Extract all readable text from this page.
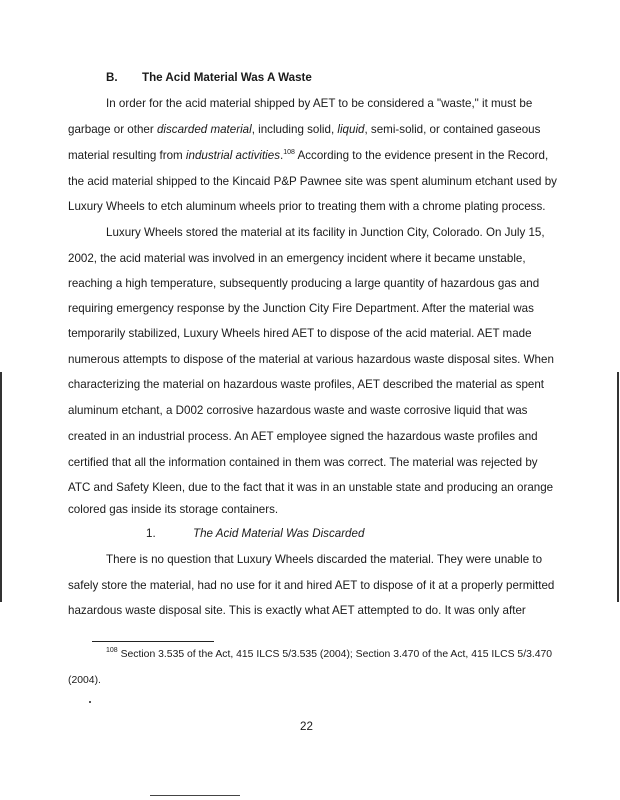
B. The Acid Material Was A Waste
In order for the acid material shipped by AET to be considered a "waste," it must be
garbage or other discarded material, including solid, liquid, semi-solid, or contained gaseous
material resulting from industrial activities.$^{108}$ According to the evidence present in the Record,
the acid material shipped to the Kincaid P&P Pawnee site was spent aluminum etchant used by
Luxury Wheels to etch aluminum wheels prior to treating them with a chrome plating process.
Luxury Wheels stored the material at its facility in Junction City, Colorado. On July 15,
2002, the acid material was involved in an emergency incident where it became unstable,
reaching a high temperature, subsequently producing a large quantity of hazardous gas and
requiring emergency response by the Junction City Fire Department. After the material was
temporarily stabilized, Luxury Wheels hired AET to dispose of the acid material. AET made
numerous attempts to dispose of the material at various hazardous waste disposal sites. When
characterizing the material on hazardous waste profiles, AET described the material as spent
aluminum etchant, a D002 corrosive hazardous waste and waste corrosive liquid that was
created in an industrial process. An AET employee signed the hazardous waste profiles and
certified that all the information contained in them was correct. The material was rejected by
ATC and Safety Kleen, due to the fact that it was in an unstable state and producing an orange
colored gas inside its storage containers.
1.	The Acid Material Was Discarded
There is no question that Luxury Wheels discarded the material. They were unable to
safely store the material, had no use for it and hired AET to dispose of it at a properly permitted
hazardous waste disposal site. This is exactly what AET attempted to do. It was only after
$^{108}$ Section 3.535 of the Act, 415 ILCS 5/3.535 (2004); Section 3.470 of the Act, 415 ILCS 5/3.470
(2004).
22
